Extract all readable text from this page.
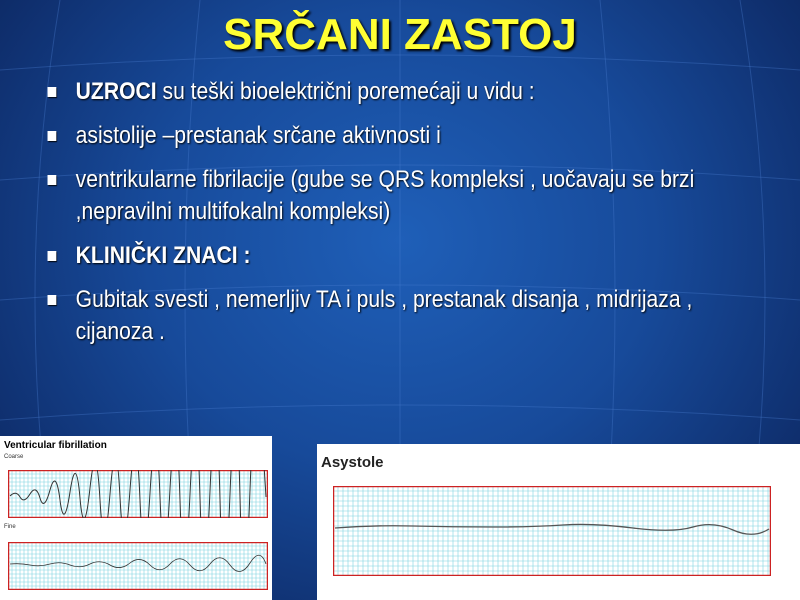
SRČANI ZASTOJ
UZROCI su teški bioelektrični poremećaji u vidu :
asistolije –prestanak srčane aktivnosti i
ventrikularne fibrilacije (gube se QRS kompleksi , uočavaju se brzi ,nepravilni multifokalni kompleksi)
KLINIČKI ZNACI :
Gubitak svesti , nemerljiv TA i puls , prestanak disanja , midrijaza , cijanoza .
Ventricular fibrillation
Coarse
Fine
Asystole
